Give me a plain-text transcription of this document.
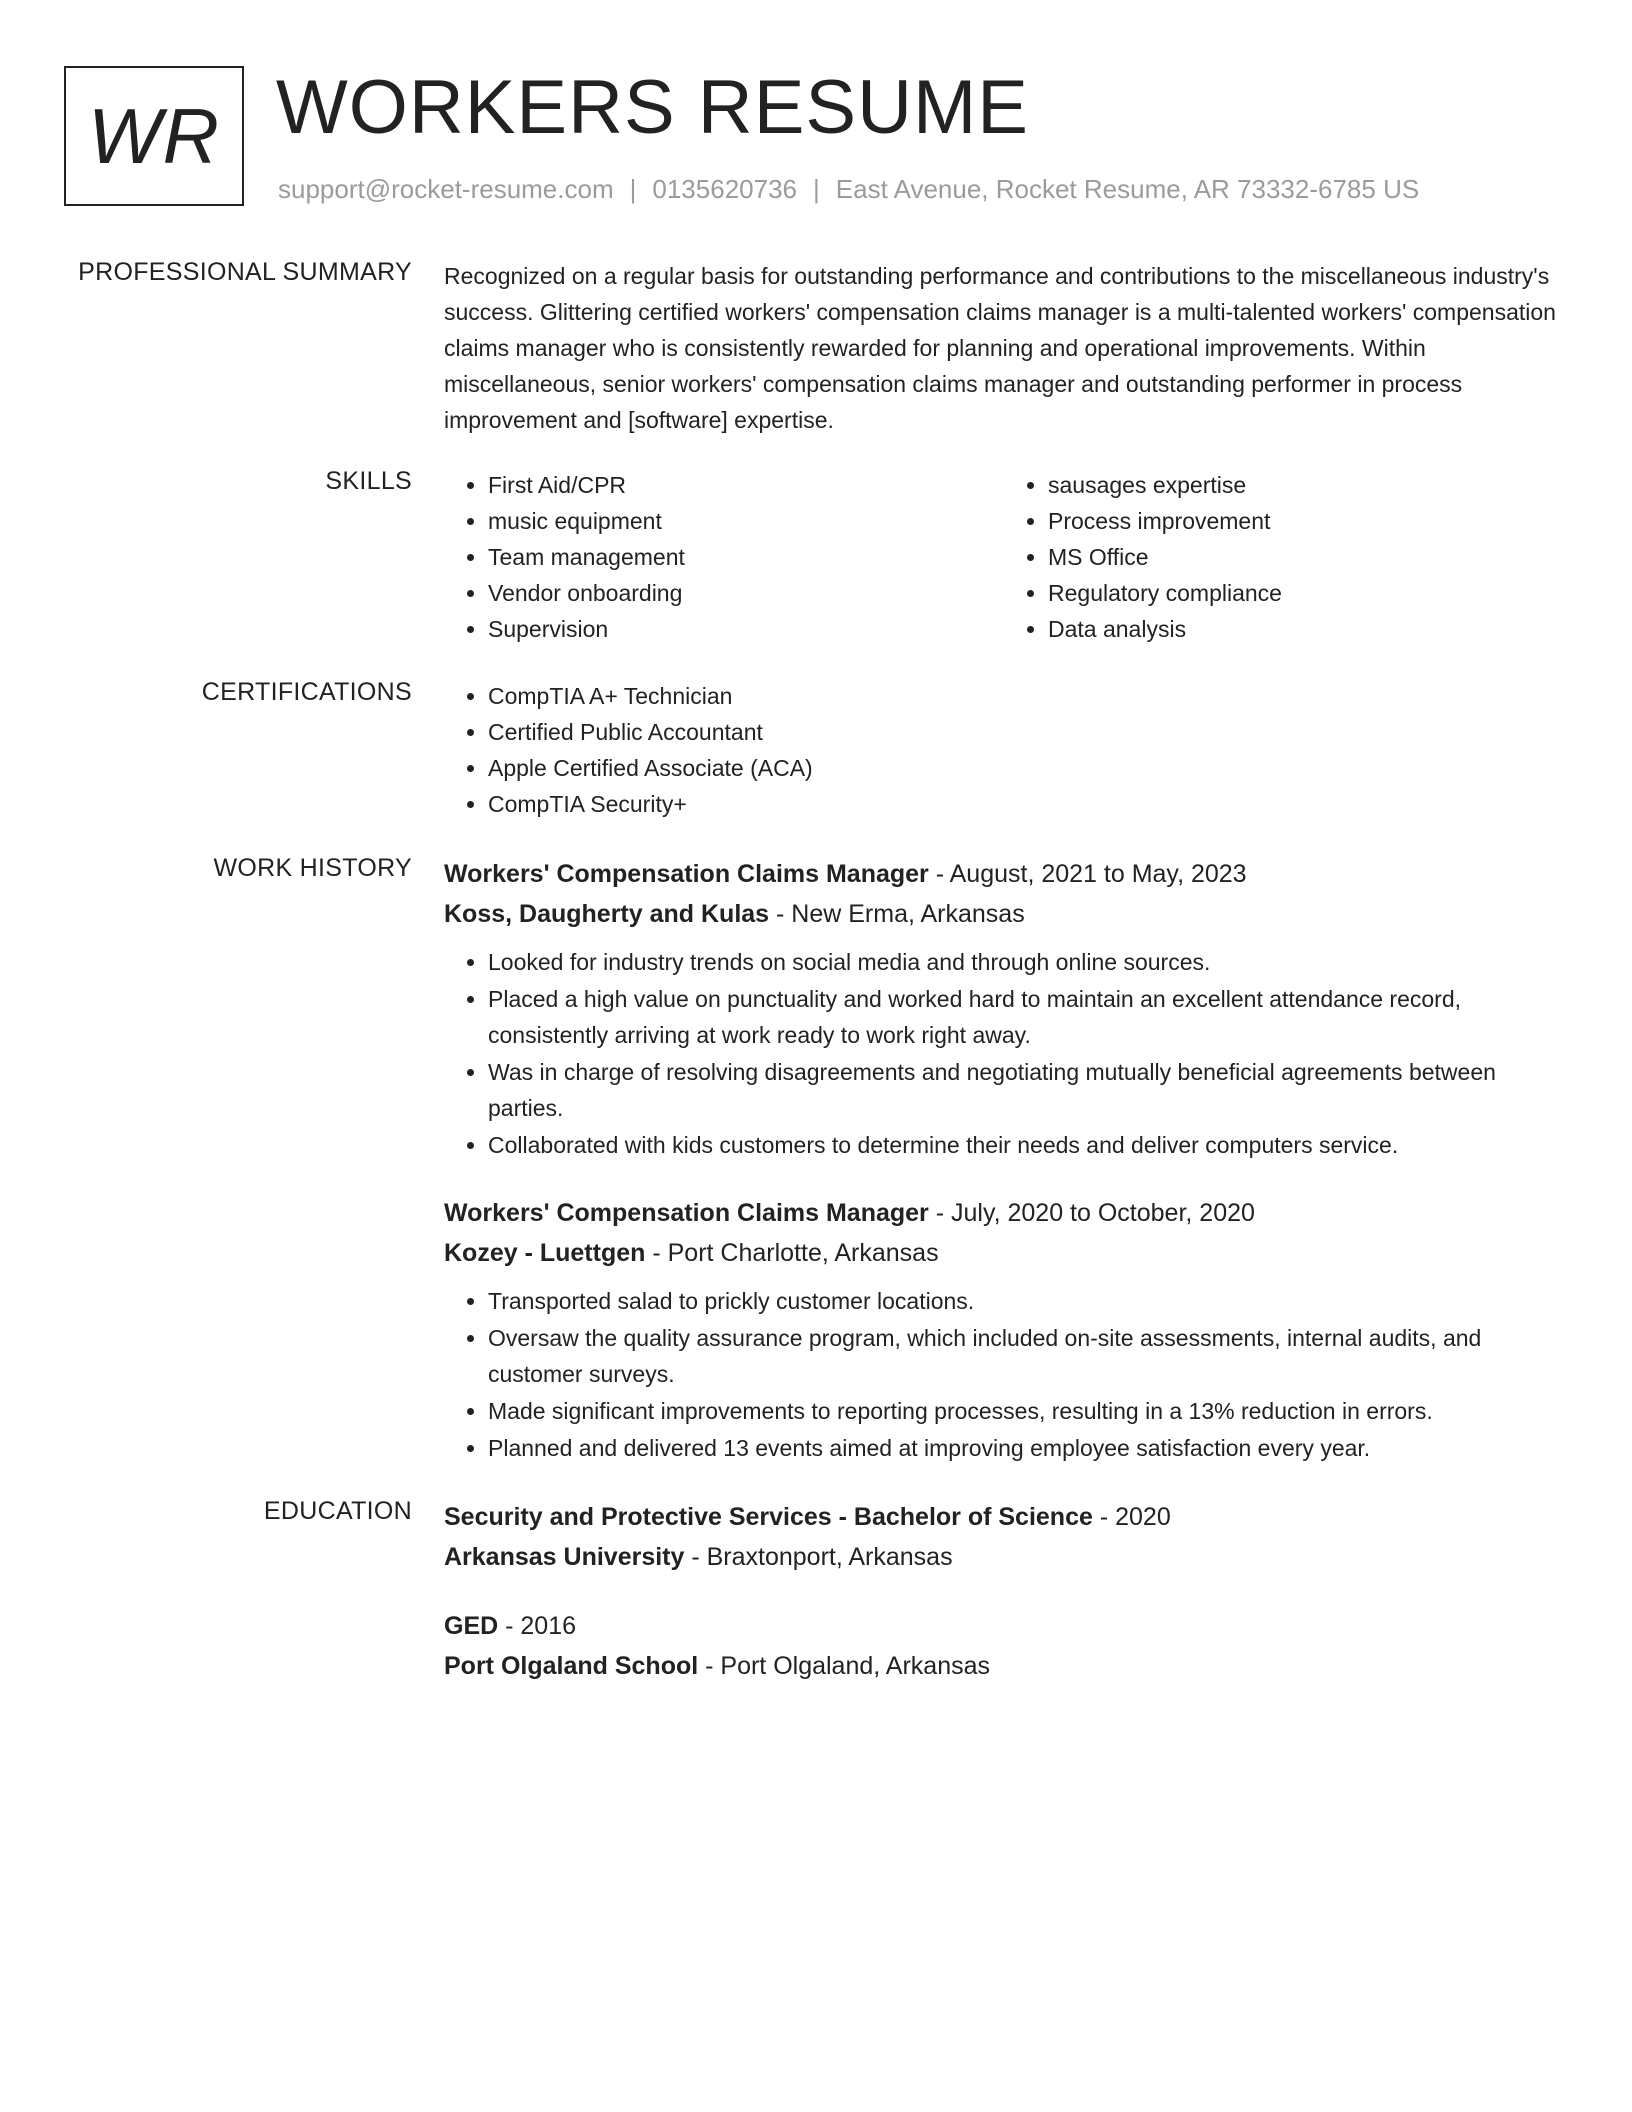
WR WORKERS RESUME
support@rocket-resume.com | 0135620736 | East Avenue, Rocket Resume, AR 73332-6785 US
PROFESSIONAL SUMMARY Recognized on a regular basis for outstanding performance and contributions to the miscellaneous industry's success. Glittering certified workers' compensation claims manager is a multi-talented workers' compensation claims manager who is consistently rewarded for planning and operational improvements. Within miscellaneous, senior workers' compensation claims manager and outstanding performer in process improvement and [software] expertise.

SKILLS	• First Aid/CPR
• music equipment
• Team management
• Vendor onboarding
• Supervision
• sausages expertise
• Process improvement
• MS Office
• Regulatory compliance
• Data analysis
CERTIFICATIONS	• CompTIA A+ Technician
• Certified Public Accountant
• Apple Certified Associate (ACA)
• CompTIA Security+
WORK HISTORY Workers' Compensation Claims Manager - August, 2021 to May, 2023
Koss, Daugherty and Kulas - New Erma, Arkansas
• Looked for industry trends on social media and through online sources.
• Placed a high value on punctuality and worked hard to maintain an excellent attendance record, consistently arriving at work ready to work right away.
• Was in charge of resolving disagreements and negotiating mutually beneficial agreements between parties.
• Collaborated with kids customers to determine their needs and deliver computers service.
Workers' Compensation Claims Manager - July, 2020 to October, 2020
Kozey - Luettgen - Port Charlotte, Arkansas
• Transported salad to prickly customer locations.
• Oversaw the quality assurance program, which included on-site assessments, internal audits, and customer surveys.
• Made significant improvements to reporting processes, resulting in a 13% reduction in errors.
• Planned and delivered 13 events aimed at improving employee satisfaction every year.
EDUCATION Security and Protective Services - Bachelor of Science - 2020
Arkansas University - Braxtonport, Arkansas
GED - 2016
Port Olgaland School - Port Olgaland, Arkansas
